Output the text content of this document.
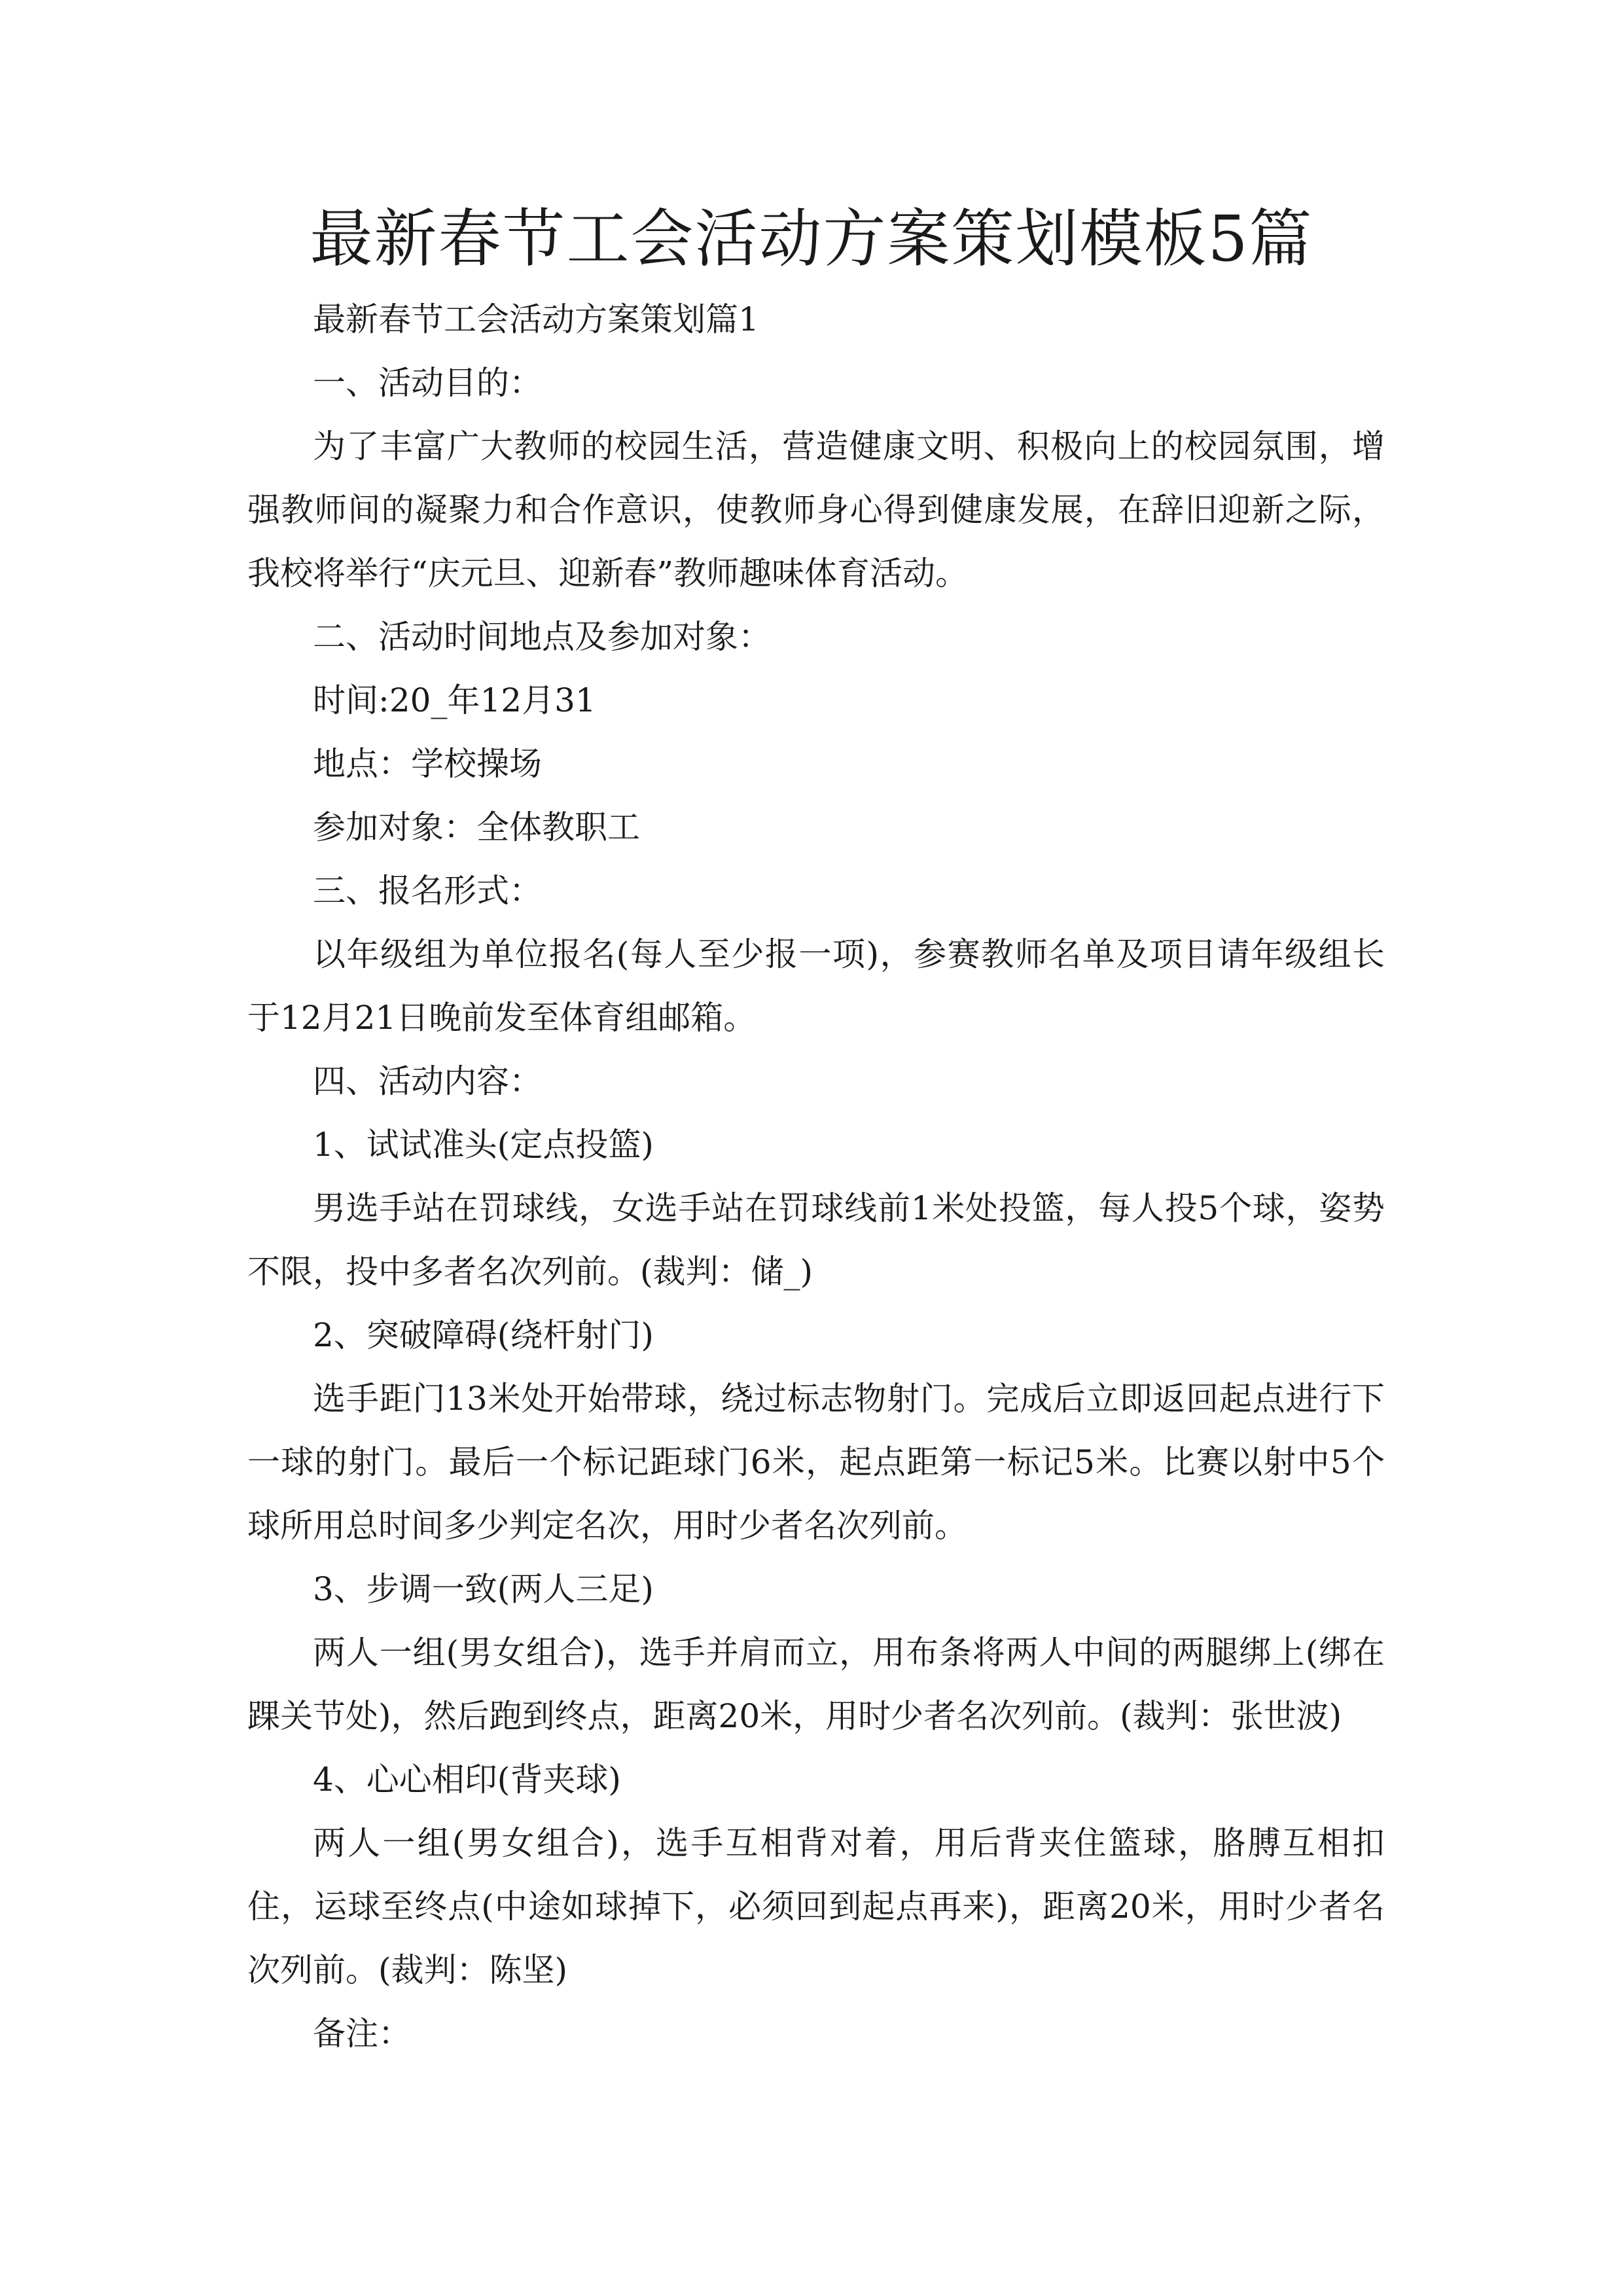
最新春节工会活动方案策划模板5篇

最新春节工会活动方案策划篇1

一、活动目的：

为了丰富广大教师的校园生活，营造健康文明、积极向上的校园氛围，增强教师间的凝聚力和合作意识，使教师身心得到健康发展，在辞旧迎新之际，我校将举行“庆元旦、迎新春”教师趣味体育活动。

二、活动时间地点及参加对象：

时间:20_年12月31

地点：学校操场

参加对象：全体教职工

三、报名形式：

以年级组为单位报名(每人至少报一项)，参赛教师名单及项目请年级组长于12月21日晚前发至体育组邮箱。

四、活动内容：

1、试试准头(定点投篮)

男选手站在罚球线，女选手站在罚球线前1米处投篮，每人投5个球，姿势不限，投中多者名次列前。(裁判：储_)

2、突破障碍(绕杆射门)

选手距门13米处开始带球，绕过标志物射门。完成后立即返回起点进行下一球的射门。最后一个标记距球门6米，起点距第一标记5米。比赛以射中5个球所用总时间多少判定名次，用时少者名次列前。

3、步调一致(两人三足)

两人一组(男女组合)，选手并肩而立，用布条将两人中间的两腿绑上(绑在踝关节处)，然后跑到终点，距离20米，用时少者名次列前。(裁判：张世波)

4、心心相印(背夹球)

两人一组(男女组合)，选手互相背对着，用后背夹住篮球，胳膊互相扣住，运球至终点(中途如球掉下，必须回到起点再来)，距离20米，用时少者名次列前。(裁判：陈坚)

备注：
